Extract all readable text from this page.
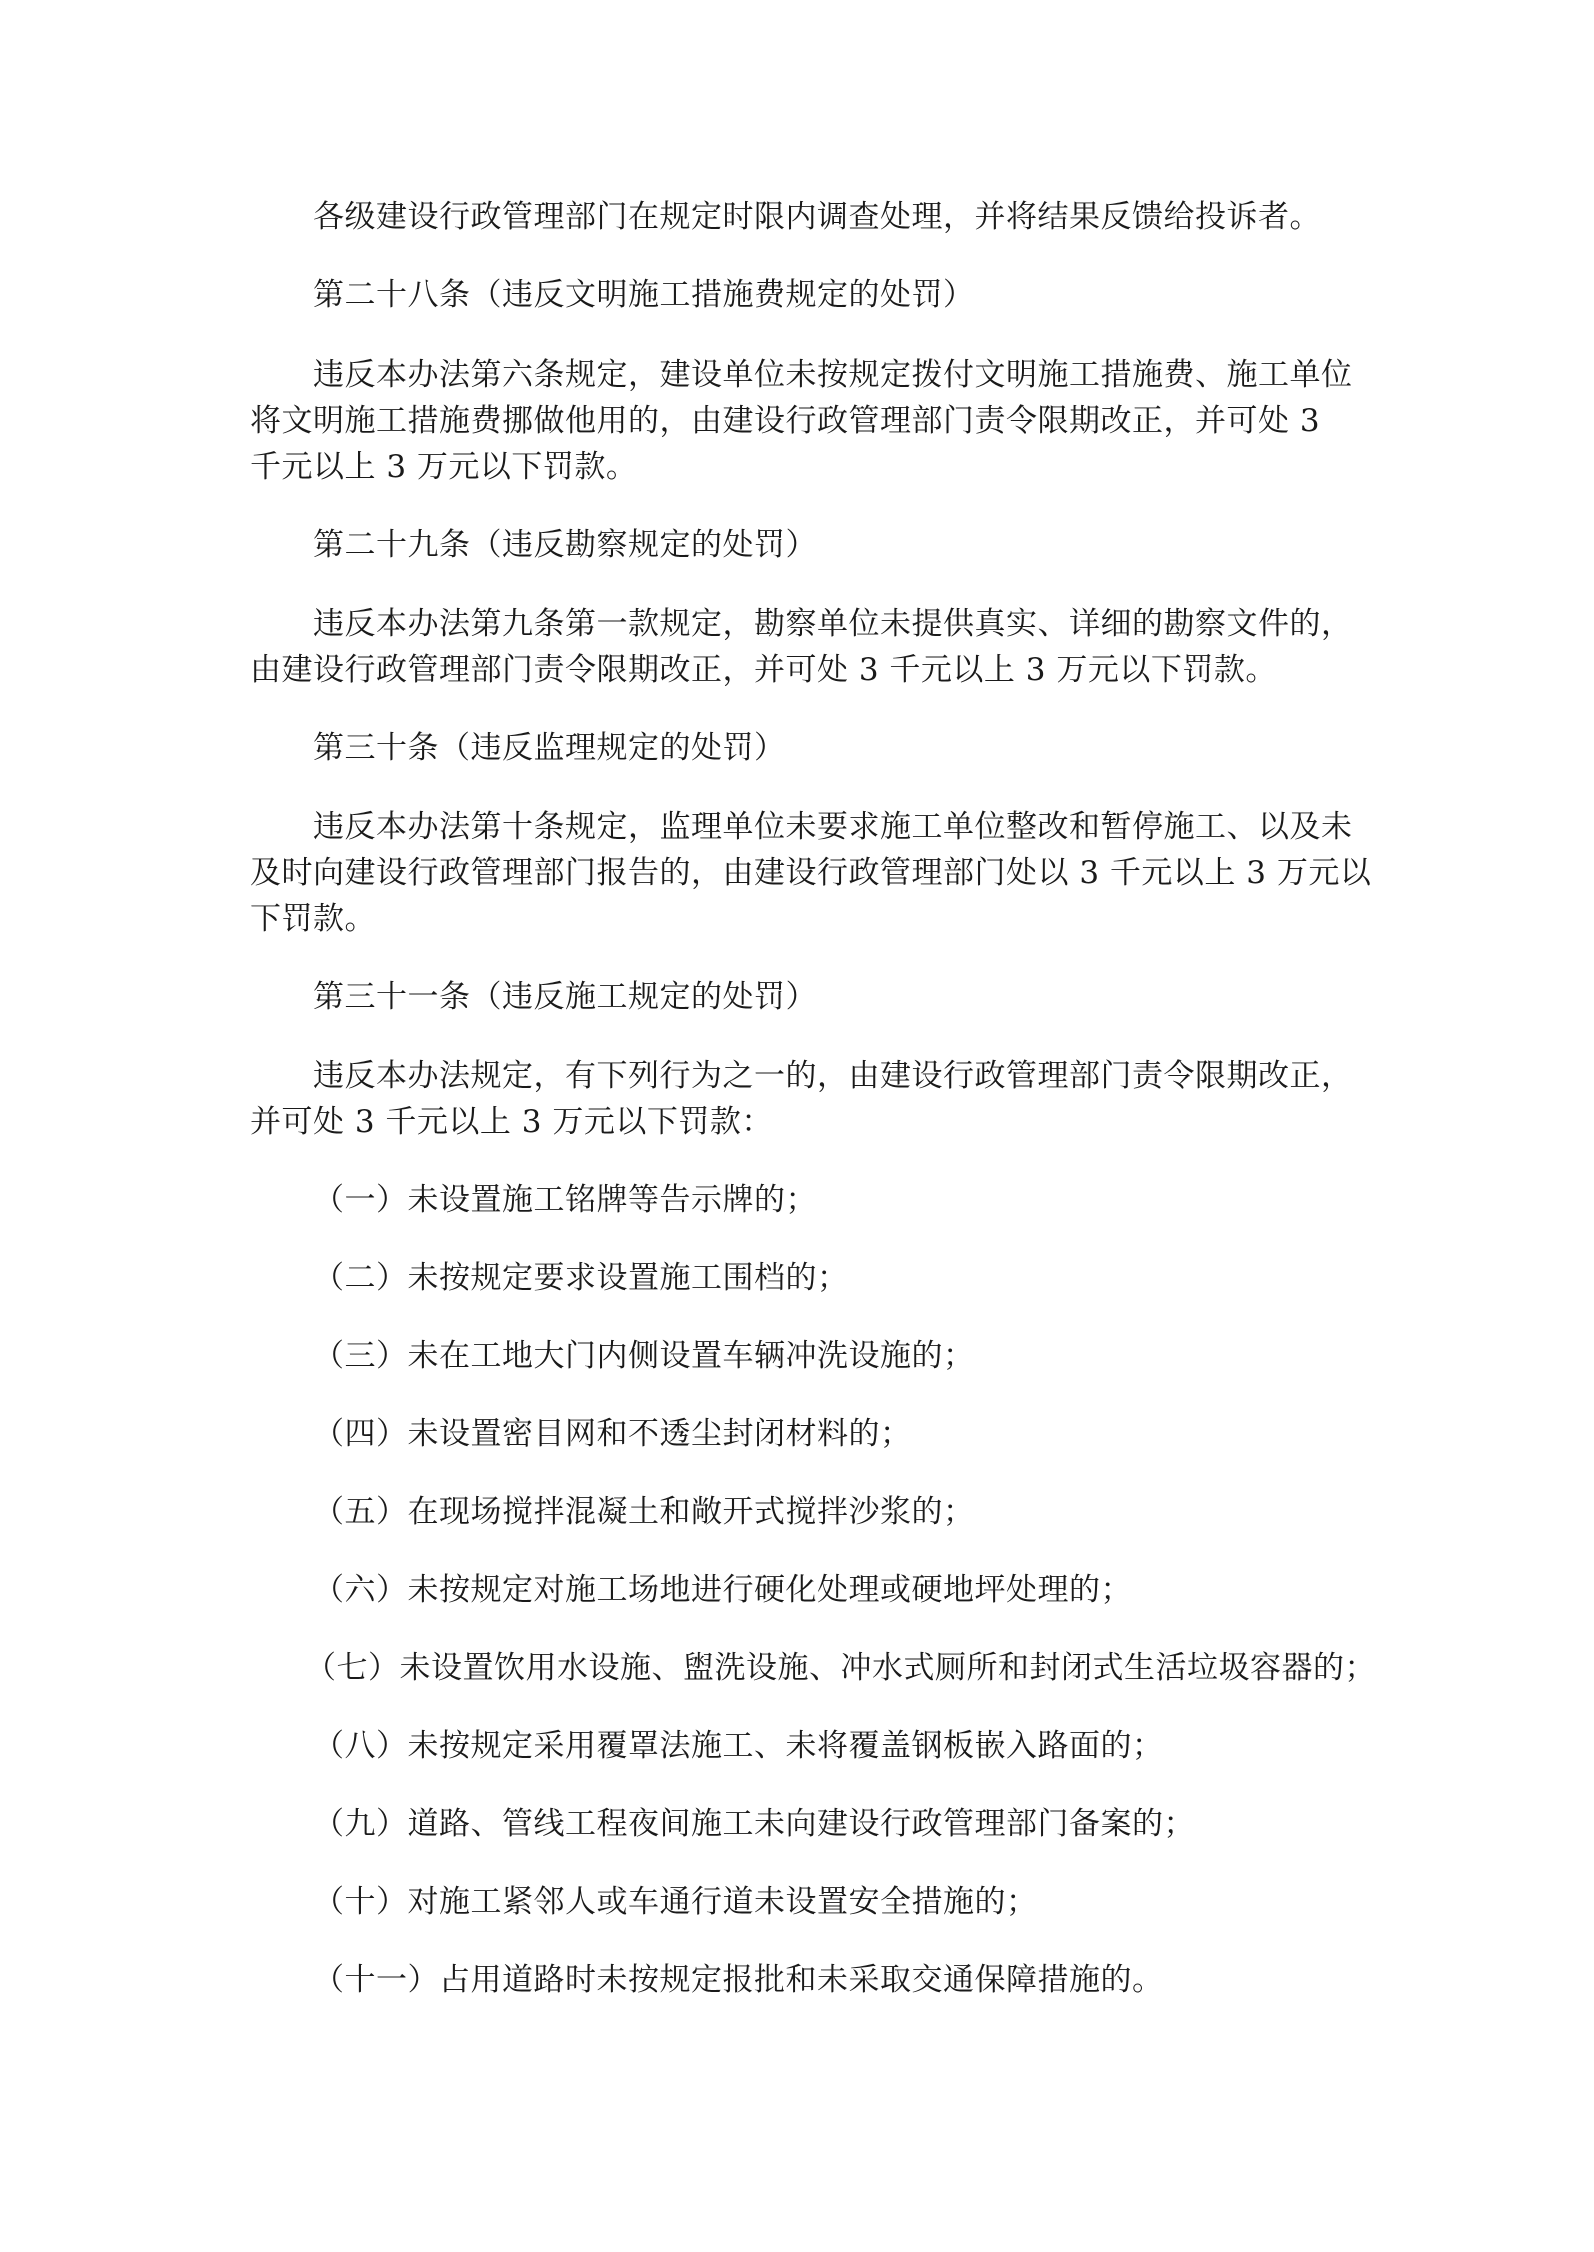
各级建设行政管理部门在规定时限内调查处理，并将结果反馈给投诉者。
第二十八条（违反文明施工措施费规定的处罚）
违反本办法第六条规定，建设单位未按规定拨付文明施工措施费、施工单位
将文明施工措施费挪做他用的，由建设行政管理部门责令限期改正，并可处 3
千元以上 3 万元以下罚款。
第二十九条（违反勘察规定的处罚）
违反本办法第九条第一款规定，勘察单位未提供真实、详细的勘察文件的，
由建设行政管理部门责令限期改正，并可处 3 千元以上 3 万元以下罚款。
第三十条（违反监理规定的处罚）
违反本办法第十条规定，监理单位未要求施工单位整改和暂停施工、以及未
及时向建设行政管理部门报告的，由建设行政管理部门处以 3 千元以上 3 万元以
下罚款。
第三十一条（违反施工规定的处罚）
违反本办法规定，有下列行为之一的，由建设行政管理部门责令限期改正，
并可处 3 千元以上 3 万元以下罚款：
（一）未设置施工铭牌等告示牌的；
（二）未按规定要求设置施工围档的；
（三）未在工地大门内侧设置车辆冲洗设施的；
（四）未设置密目网和不透尘封闭材料的；
（五）在现场搅拌混凝土和敞开式搅拌沙浆的；
（六）未按规定对施工场地进行硬化处理或硬地坪处理的；
（七）未设置饮用水设施、盥洗设施、冲水式厕所和封闭式生活垃圾容器的；
（八）未按规定采用覆罩法施工、未将覆盖钢板嵌入路面的；
（九）道路、管线工程夜间施工未向建设行政管理部门备案的；
（十）对施工紧邻人或车通行道未设置安全措施的；
（十一）占用道路时未按规定报批和未采取交通保障措施的。
